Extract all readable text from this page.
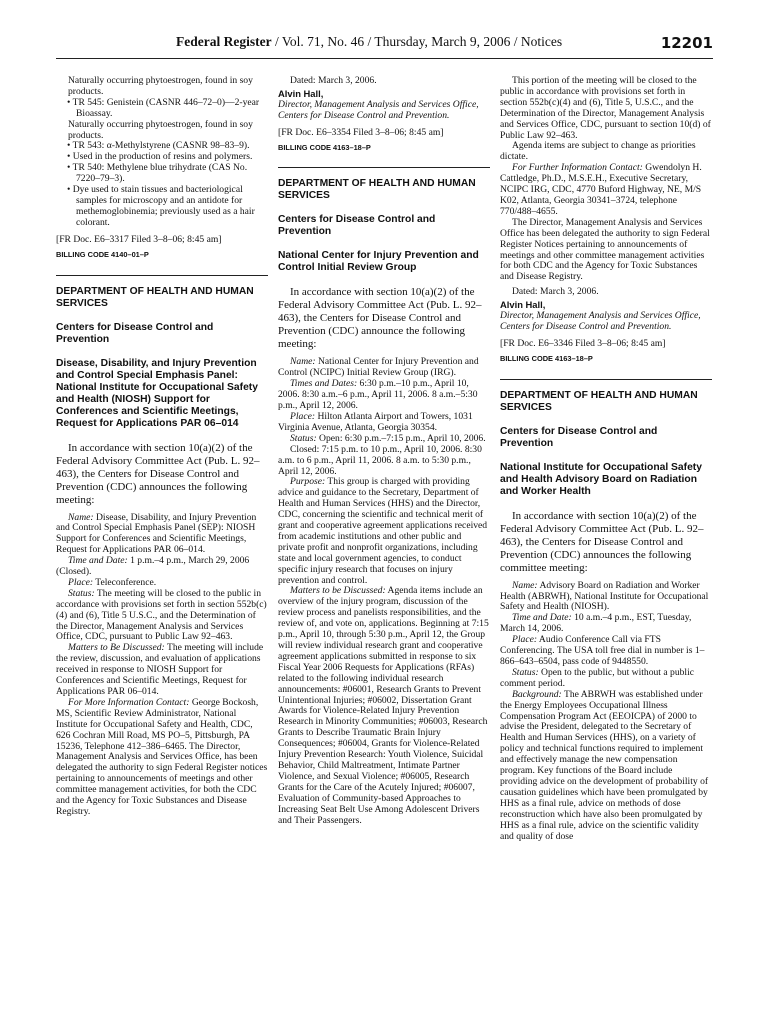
Federal Register / Vol. 71, No. 46 / Thursday, March 9, 2006 / Notices	12201

Naturally occurring phytoestrogen, found in soy products.

• TR 545: Genistein (CASNR 446–72–0)—2-year Bioassay.

Naturally occurring phytoestrogen, found in soy products.

• TR 543: α-Methylstyrene (CASNR 98–83–9).

• Used in the production of resins and polymers.

• TR 540: Methylene blue trihydrate (CAS No. 7220–79–3).

• Dye used to stain tissues and bacteriological samples for microscopy and an antidote for methemoglobinemia; previously used as a hair colorant.

[FR Doc. E6–3317 Filed 3–8–06; 8:45 am]

BILLING CODE 4140–01–P

DEPARTMENT OF HEALTH AND HUMAN SERVICES

Centers for Disease Control and Prevention

Disease, Disability, and Injury Prevention and Control Special Emphasis Panel: National Institute for Occupational Safety and Health (NIOSH) Support for Conferences and Scientific Meetings, Request for Applications PAR 06–014

In accordance with section 10(a)(2) of the Federal Advisory Committee Act (Pub. L. 92–463), the Centers for Disease Control and Prevention (CDC) announces the following meeting:

Name: Disease, Disability, and Injury Prevention and Control Special Emphasis Panel (SEP): NIOSH Support for Conferences and Scientific Meetings, Request for Applications PAR 06–014.

Time and Date: 1 p.m.–4 p.m., March 29, 2006 (Closed).

Place: Teleconference.

Status: The meeting will be closed to the public in accordance with provisions set forth in section 552b(c)(4) and (6), Title 5 U.S.C., and the Determination of the Director, Management Analysis and Services Office, CDC, pursuant to Public Law 92–463.

Matters to Be Discussed: The meeting will include the review, discussion, and evaluation of applications received in response to NIOSH Support for Conferences and Scientific Meetings, Request for Applications PAR 06–014.

For More Information Contact: George Bockosh, MS, Scientific Review Administrator, National Institute for Occupational Safety and Health, CDC, 626 Cochran Mill Road, MS PO–5, Pittsburgh, PA 15236, Telephone 412–386–6465. The Director, Management Analysis and Services Office, has been delegated the authority to sign Federal Register notices pertaining to announcements of meetings and other committee management activities, for both the CDC and the Agency for Toxic Substances and Disease Registry.

Dated: March 3, 2006.

Alvin Hall,

Director, Management Analysis and Services Office, Centers for Disease Control and Prevention.

[FR Doc. E6–3354 Filed 3–8–06; 8:45 am]

BILLING CODE 4163–18–P

DEPARTMENT OF HEALTH AND HUMAN SERVICES

Centers for Disease Control and Prevention

National Center for Injury Prevention and Control Initial Review Group

In accordance with section 10(a)(2) of the Federal Advisory Committee Act (Pub. L. 92–463), the Centers for Disease Control and Prevention (CDC) announce the following meeting:

Name: National Center for Injury Prevention and Control (NCIPC) Initial Review Group (IRG).

Times and Dates: 6:30 p.m.–10 p.m., April 10, 2006. 8:30 a.m.–6 p.m., April 11, 2006. 8 a.m.–5:30 p.m., April 12, 2006.

Place: Hilton Atlanta Airport and Towers, 1031 Virginia Avenue, Atlanta, Georgia 30354.

Status: Open: 6:30 p.m.–7:15 p.m., April 10, 2006.

Closed: 7:15 p.m. to 10 p.m., April 10, 2006. 8:30 a.m. to 6 p.m., April 11, 2006. 8 a.m. to 5:30 p.m., April 12, 2006.

Purpose: This group is charged with providing advice and guidance to the Secretary, Department of Health and Human Services (HHS) and the Director, CDC, concerning the scientific and technical merit of grant and cooperative agreement applications received from academic institutions and other public and private profit and nonprofit organizations, including state and local government agencies, to conduct specific injury research that focuses on injury prevention and control.

Matters to be Discussed: Agenda items include an overview of the injury program, discussion of the review process and panelists responsibilities, and the review of, and vote on, applications. Beginning at 7:15 p.m., April 10, through 5:30 p.m., April 12, the Group will review individual research grant and cooperative agreement applications submitted in response to six Fiscal Year 2006 Requests for Applications (RFAs) related to the following individual research announcements: #06001, Research Grants to Prevent Unintentional Injuries; #06002, Dissertation Grant Awards for Violence-Related Injury Prevention Research in Minority Communities; #06003, Research Grants to Describe Traumatic Brain Injury Consequences; #06004, Grants for Violence-Related Injury Prevention Research: Youth Violence, Suicidal Behavior, Child Maltreatment, Intimate Partner Violence, and Sexual Violence; #06005, Research Grants for the Care of the Acutely Injured; #06007, Evaluation of Community-based Approaches to Increasing Seat Belt Use Among Adolescent Drivers and Their Passengers.

This portion of the meeting will be closed to the public in accordance with provisions set forth in section 552b(c)(4) and (6), Title 5, U.S.C., and the Determination of the Director, Management Analysis and Services Office, CDC, pursuant to section 10(d) of Public Law 92–463.

Agenda items are subject to change as priorities dictate.

For Further Information Contact: Gwendolyn H. Cattledge, Ph.D., M.S.E.H., Executive Secretary, NCIPC IRG, CDC, 4770 Buford Highway, NE, M/S K02, Atlanta, Georgia 30341–3724, telephone 770/488–4655.

The Director, Management Analysis and Services Office has been delegated the authority to sign Federal Register Notices pertaining to announcements of meetings and other committee management activities for both CDC and the Agency for Toxic Substances and Disease Registry.

Dated: March 3, 2006.

Alvin Hall,

Director, Management Analysis and Services Office, Centers for Disease Control and Prevention.

[FR Doc. E6–3346 Filed 3–8–06; 8:45 am]

BILLING CODE 4163–18–P

DEPARTMENT OF HEALTH AND HUMAN SERVICES

Centers for Disease Control and Prevention

National Institute for Occupational Safety and Health Advisory Board on Radiation and Worker Health

In accordance with section 10(a)(2) of the Federal Advisory Committee Act (Pub. L. 92–463), the Centers for Disease Control and Prevention (CDC) announces the following committee meeting:

Name: Advisory Board on Radiation and Worker Health (ABRWH), National Institute for Occupational Safety and Health (NIOSH).

Time and Date: 10 a.m.–4 p.m., EST, Tuesday, March 14, 2006.

Place: Audio Conference Call via FTS Conferencing. The USA toll free dial in number is 1–866–643–6504, pass code of 9448550.

Status: Open to the public, but without a public comment period.

Background: The ABRWH was established under the Energy Employees Occupational Illness Compensation Program Act (EEOICPA) of 2000 to advise the President, delegated to the Secretary of Health and Human Services (HHS), on a variety of policy and technical functions required to implement and effectively manage the new compensation program. Key functions of the Board include providing advice on the development of probability of causation guidelines which have been promulgated by HHS as a final rule, advice on methods of dose reconstruction which have also been promulgated by HHS as a final rule, advice on the scientific validity and quality of dose
